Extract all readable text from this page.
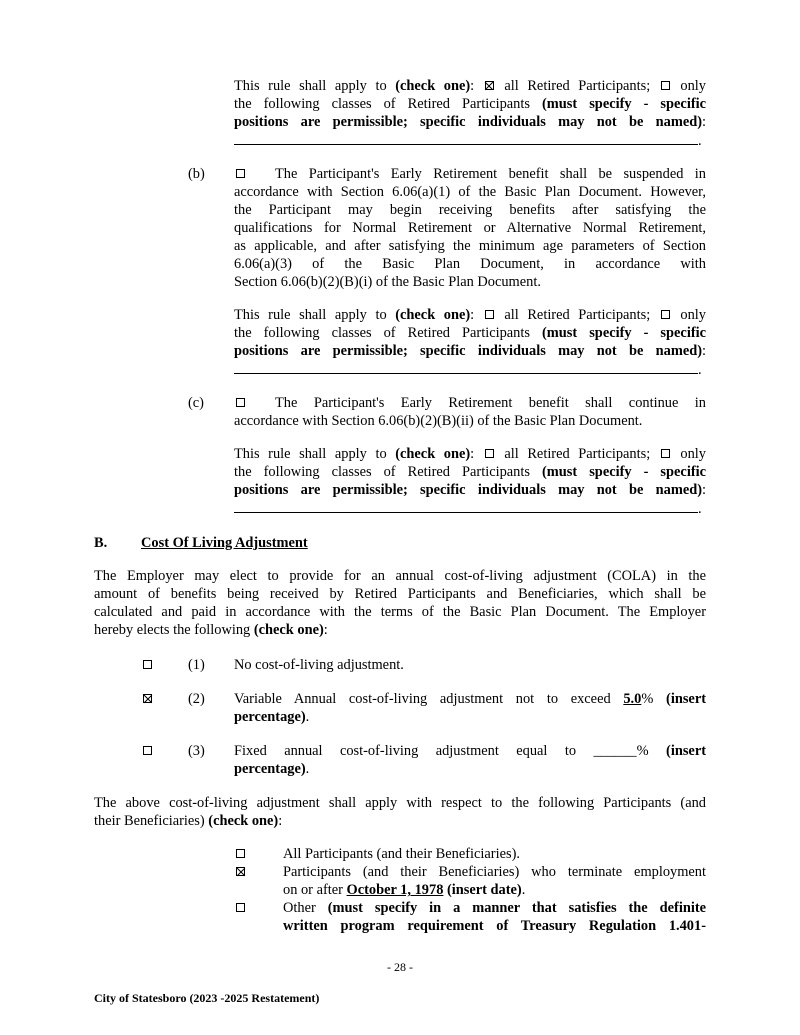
This rule shall apply to (check one):  all Retired Participants;  only
the following classes of Retired Participants (must specify - specific
positions are permissible; specific individuals may not be named):
.
(b)	The Participant's Early Retirement benefit shall be suspended in
accordance with Section 6.06(a)(1) of the Basic Plan Document. However,
the Participant may begin receiving benefits after satisfying the
qualifications for Normal Retirement or Alternative Normal Retirement,
as applicable, and after satisfying the minimum age parameters of Section
6.06(a)(3) of the Basic Plan Document, in accordance with
Section 6.06(b)(2)(B)(i) of the Basic Plan Document.
This rule shall apply to (check one):  all Retired Participants;  only
the following classes of Retired Participants (must specify - specific
positions are permissible; specific individuals may not be named):
.
(c)	The Participant's Early Retirement benefit shall continue in
accordance with Section 6.06(b)(2)(B)(ii) of the Basic Plan Document.
This rule shall apply to (check one):  all Retired Participants;  only
the following classes of Retired Participants (must specify - specific
positions are permissible; specific individuals may not be named):
.
B. Cost Of Living Adjustment
The Employer may elect to provide for an annual cost-of-living adjustment (COLA) in the
amount of benefits being received by Retired Participants and Beneficiaries, which shall be
calculated and paid in accordance with the terms of the Basic Plan Document. The Employer
hereby elects the following (check one):
(1) No cost-of-living adjustment.
(2) Variable Annual cost-of-living adjustment not to exceed 5.0% (insert
percentage).
(3) Fixed annual cost-of-living adjustment equal to ______% (insert
percentage).
The above cost-of-living adjustment shall apply with respect to the following Participants (and
their Beneficiaries) (check one):
All Participants (and their Beneficiaries).
Participants (and their Beneficiaries) who terminate employment
on or after October 1, 1978 (insert date).
Other (must specify in a manner that satisfies the definite
written program requirement of Treasury Regulation 1.401-
- 28 -
City of Statesboro (2023 -2025 Restatement)
